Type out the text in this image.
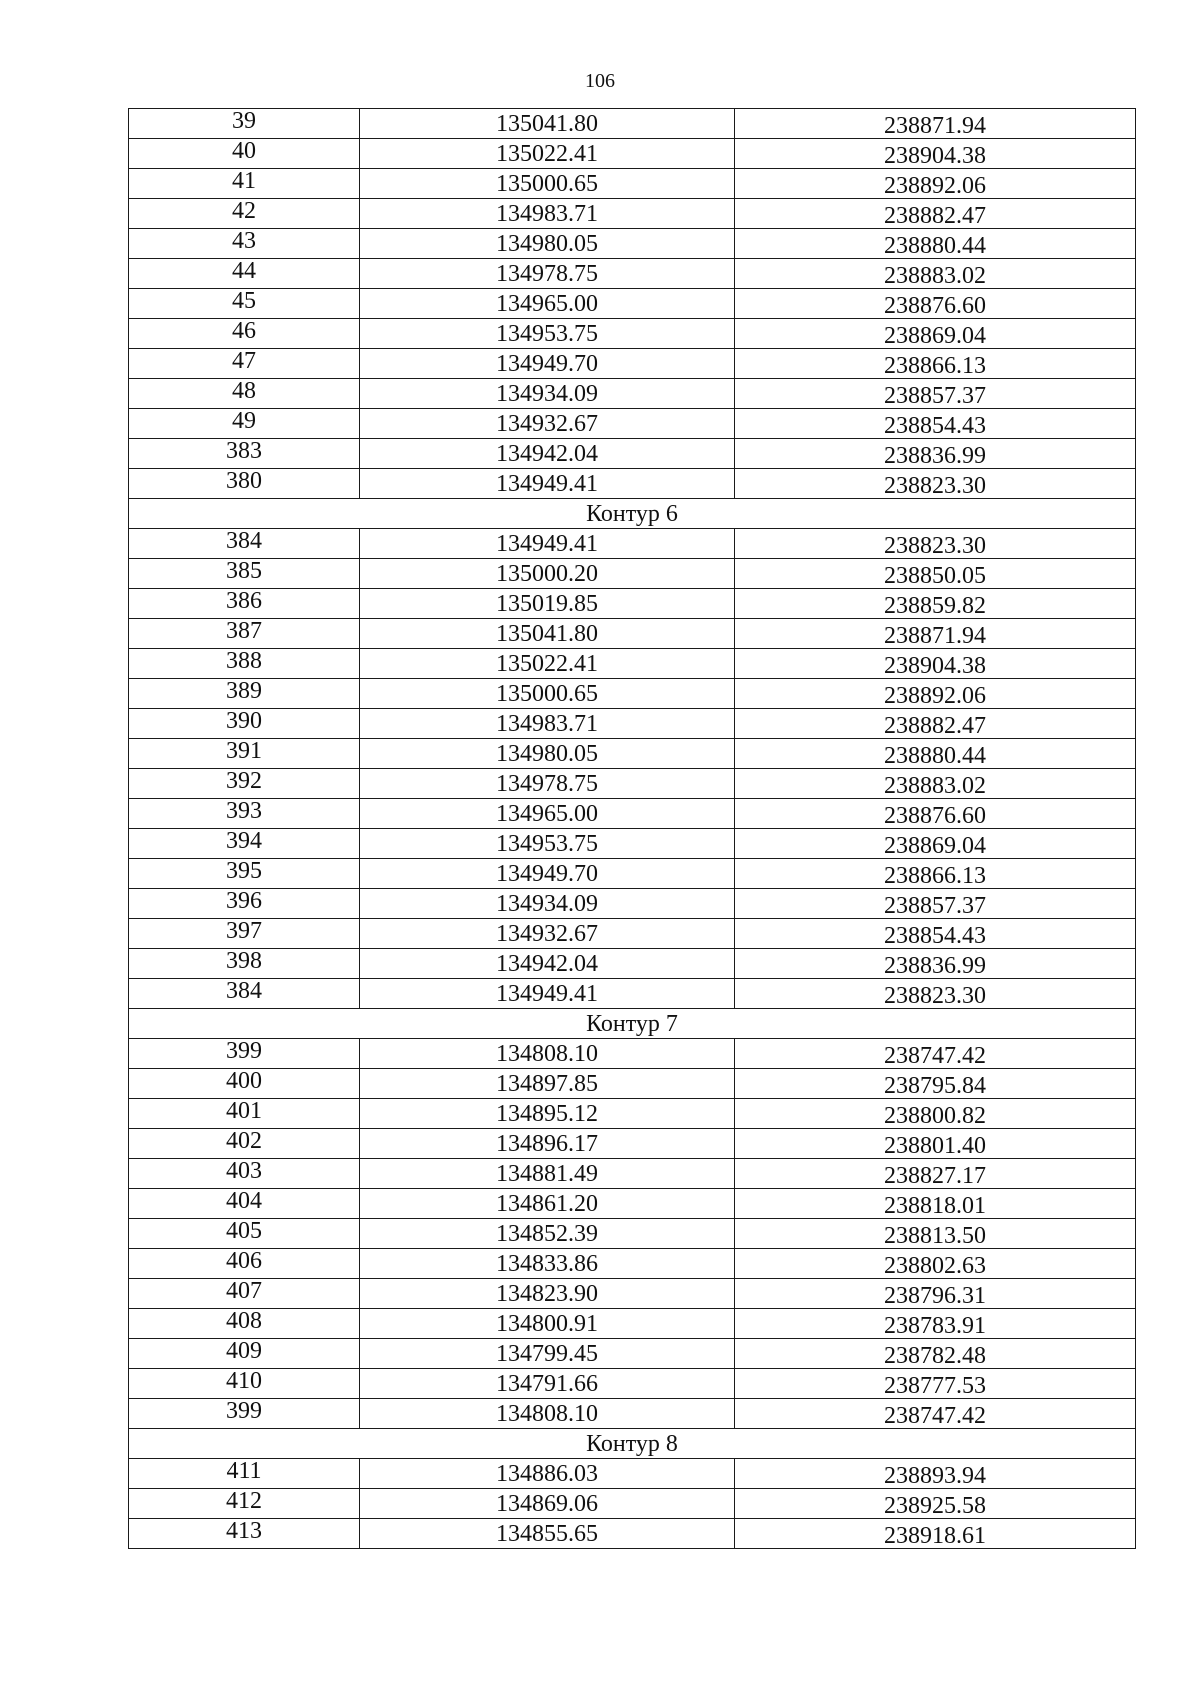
106
39	135041.80	238871.94
40	135022.41	238904.38
41	135000.65	238892.06
42	134983.71	238882.47
43	134980.05	238880.44
44	134978.75	238883.02
45	134965.00	238876.60
46	134953.75	238869.04
47	134949.70	238866.13
48	134934.09	238857.37
49	134932.67	238854.43
383	134942.04	238836.99
380	134949.41	238823.30
Контур 6		
384	134949.41	238823.30
385	135000.20	238850.05
386	135019.85	238859.82
387	135041.80	238871.94
388	135022.41	238904.38
389	135000.65	238892.06
390	134983.71	238882.47
391	134980.05	238880.44
392	134978.75	238883.02
393	134965.00	238876.60
394	134953.75	238869.04
395	134949.70	238866.13
396	134934.09	238857.37
397	134932.67	238854.43
398	134942.04	238836.99
384	134949.41	238823.30
Контур 7		
399	134808.10	238747.42
400	134897.85	238795.84
401	134895.12	238800.82
402	134896.17	238801.40
403	134881.49	238827.17
404	134861.20	238818.01
405	134852.39	238813.50
406	134833.86	238802.63
407	134823.90	238796.31
408	134800.91	238783.91
409	134799.45	238782.48
410	134791.66	238777.53
399	134808.10	238747.42
Контур 8		
411	134886.03	238893.94
412	134869.06	238925.58
413	134855.65	238918.61
